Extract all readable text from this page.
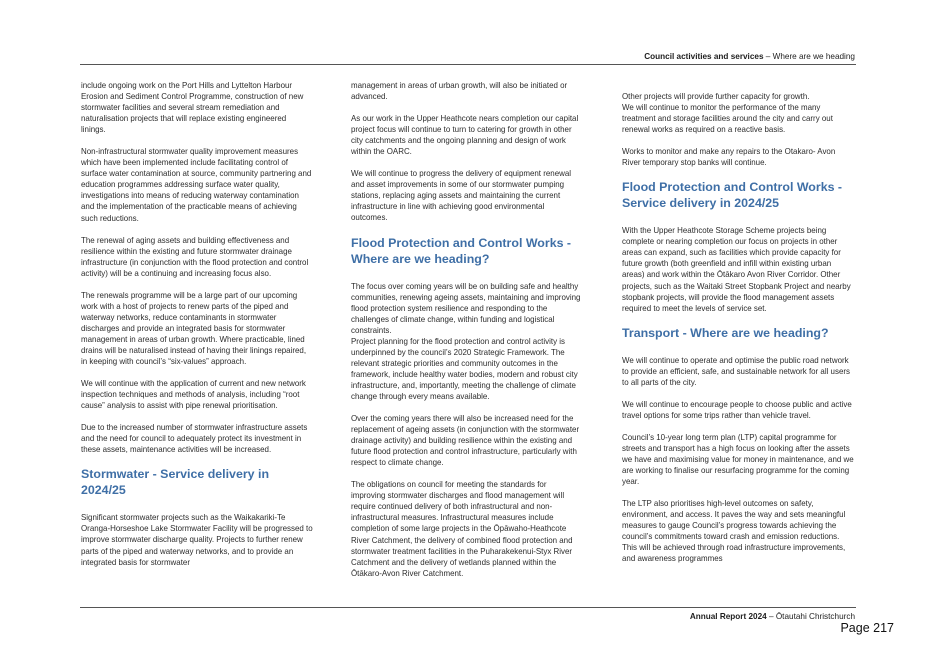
Council activities and services – Where are we heading

include ongoing work on the Port Hills and Lyttelton Harbour Erosion and Sediment Control Programme, construction of new stormwater facilities and several stream remediation and naturalisation projects that will replace existing engineered linings.

Non-infrastructural stormwater quality improvement measures which have been implemented include facilitating control of surface water contamination at source, community partnering and education programmes addressing surface water quality, investigations into means of reducing waterway contamination and the implementation of the practicable means of achieving such reductions.

The renewal of aging assets and building effectiveness and resilience within the existing and future stormwater drainage infrastructure (in conjunction with the flood protection and control activity) will be a continuing and increasing focus also.

The renewals programme will be a large part of our upcoming work with a host of projects to renew parts of the piped and waterway networks, reduce contaminants in stormwater discharges and provide an integrated basis for stormwater management in areas of urban growth. Where practicable, lined drains will be naturalised instead of having their linings repaired, in keeping with council’s “six-values” approach.

We will continue with the application of current and new network inspection techniques and methods of analysis, including “root cause” analysis to assist with pipe renewal prioritisation.

Due to the increased number of stormwater infrastructure assets and the need for council to adequately protect its investment in these assets, maintenance activities will be increased.

Stormwater - Service delivery in 2024/25

Significant stormwater projects such as the Waikakariki-Te Oranga-Horseshoe Lake Stormwater Facility will be progressed to improve stormwater discharge quality. Projects to further renew parts of the piped and waterway networks, and to provide an integrated basis for stormwater

management in areas of urban growth, will also be initiated or advanced.

As our work in the Upper Heathcote nears completion our capital project focus will continue to turn to catering for growth in other city catchments and the ongoing planning and design of work within the OARC.

We will continue to progress the delivery of equipment renewal and asset improvements in some of our stormwater pumping stations, replacing aging assets and maintaining the current infrastructure in line with achieving good environmental outcomes.

Flood Protection and Control Works - Where are we heading?

The focus over coming years will be on building safe and healthy communities, renewing ageing assets, maintaining and improving flood protection system resilience and responding to the challenges of climate change, within funding and logistical constraints.

Project planning for the flood protection and control activity is underpinned by the council’s 2020 Strategic Framework. The relevant strategic priorities and community outcomes in the framework, include healthy water bodies, modern and robust city infrastructure, and, importantly, meeting the challenge of climate change through every means available.

Over the coming years there will also be increased need for the replacement of ageing assets (in conjunction with the stormwater drainage activity) and building resilience within the existing and future flood protection and control infrastructure, particularly with respect to climate change.

The obligations on council for meeting the standards for improving stormwater discharges and flood management will require continued delivery of both infrastructural and non-infrastructural measures. Infrastructural measures include completion of some large projects in the Ōpāwaho-Heathcote River Catchment, the delivery of combined flood protection and stormwater treatment facilities in the Puharakekenui-Styx River Catchment and the delivery of wetlands planned within the Ōtākaro-Avon River Catchment.

Other projects will provide further capacity for growth.

We will continue to monitor the performance of the many treatment and storage facilities around the city and carry out renewal works as required on a reactive basis.

Works to monitor and make any repairs to the Otakaro- Avon River temporary stop banks will continue.

Flood Protection and Control Works - Service delivery in 2024/25

With the Upper Heathcote Storage Scheme projects being complete or nearing completion our focus on projects in other areas can expand, such as facilities which provide capacity for future growth (both greenfield and infill within existing urban areas) and work within the Ōtākaro Avon River Corridor. Other projects, such as the Waitaki Street Stopbank Project and nearby stopbank projects, will provide the flood management assets required to meet the levels of service set.

Transport - Where are we heading?

We will continue to operate and optimise the public road network to provide an efficient, safe, and sustainable network for all users to all parts of the city.

We will continue to encourage people to choose public and active travel options for some trips rather than vehicle travel.

Council’s 10-year long term plan (LTP) capital programme for streets and transport has a high focus on looking after the assets we have and maximising value for money in maintenance, and we are working to finalise our resurfacing programme for the coming year.

The LTP also prioritises high-level outcomes on safety, environment, and access. It paves the way and sets meaningful measures to gauge Council’s progress towards achieving the council’s commitments toward crash and emission reductions. This will be achieved through road infrastructure improvements, and awareness programmes

Annual Report 2024 – Ōtautahi Christchurch
Page 217
